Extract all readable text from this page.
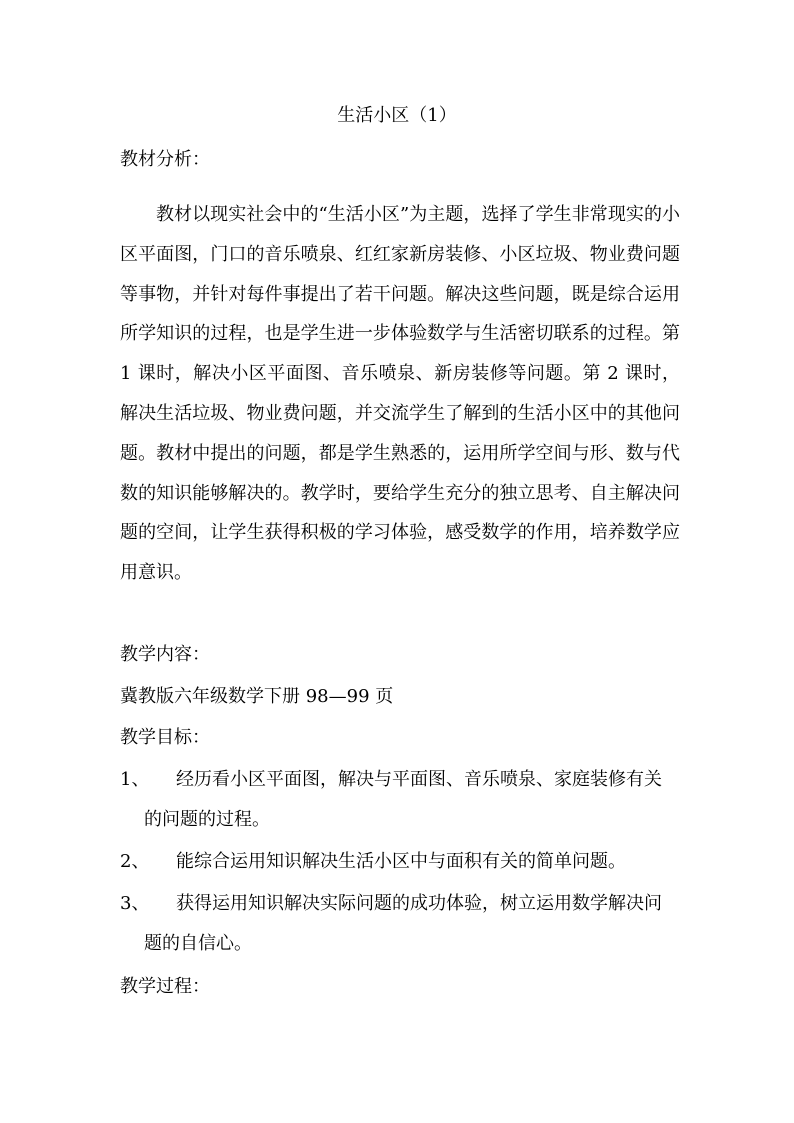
生活小区（1）
教材分析：

教材以现实社会中的“生活小区”为主题，选择了学生非常现实的小区平面图，门口的音乐喷泉、红红家新房装修、小区垃圾、物业费问题等事物，并针对每件事提出了若干问题。解决这些问题，既是综合运用所学知识的过程，也是学生进一步体验数学与生活密切联系的过程。第 1 课时，解决小区平面图、音乐喷泉、新房装修等问题。第 2 课时，解决生活垃圾、物业费问题，并交流学生了解到的生活小区中的其他问题。教材中提出的问题，都是学生熟悉的，运用所学空间与形、数与代数的知识能够解决的。教学时，要给学生充分的独立思考、自主解决问题的空间，让学生获得积极的学习体验，感受数学的作用，培养数学应用意识。

教学内容：
冀教版六年级数学下册 98—99 页
教学目标：
1、 经历看小区平面图，解决与平面图、音乐喷泉、家庭装修有关
的问题的过程。
2、 能综合运用知识解决生活小区中与面积有关的简单问题。
3、 获得运用知识解决实际问题的成功体验，树立运用数学解决问
题的自信心。
教学过程：
